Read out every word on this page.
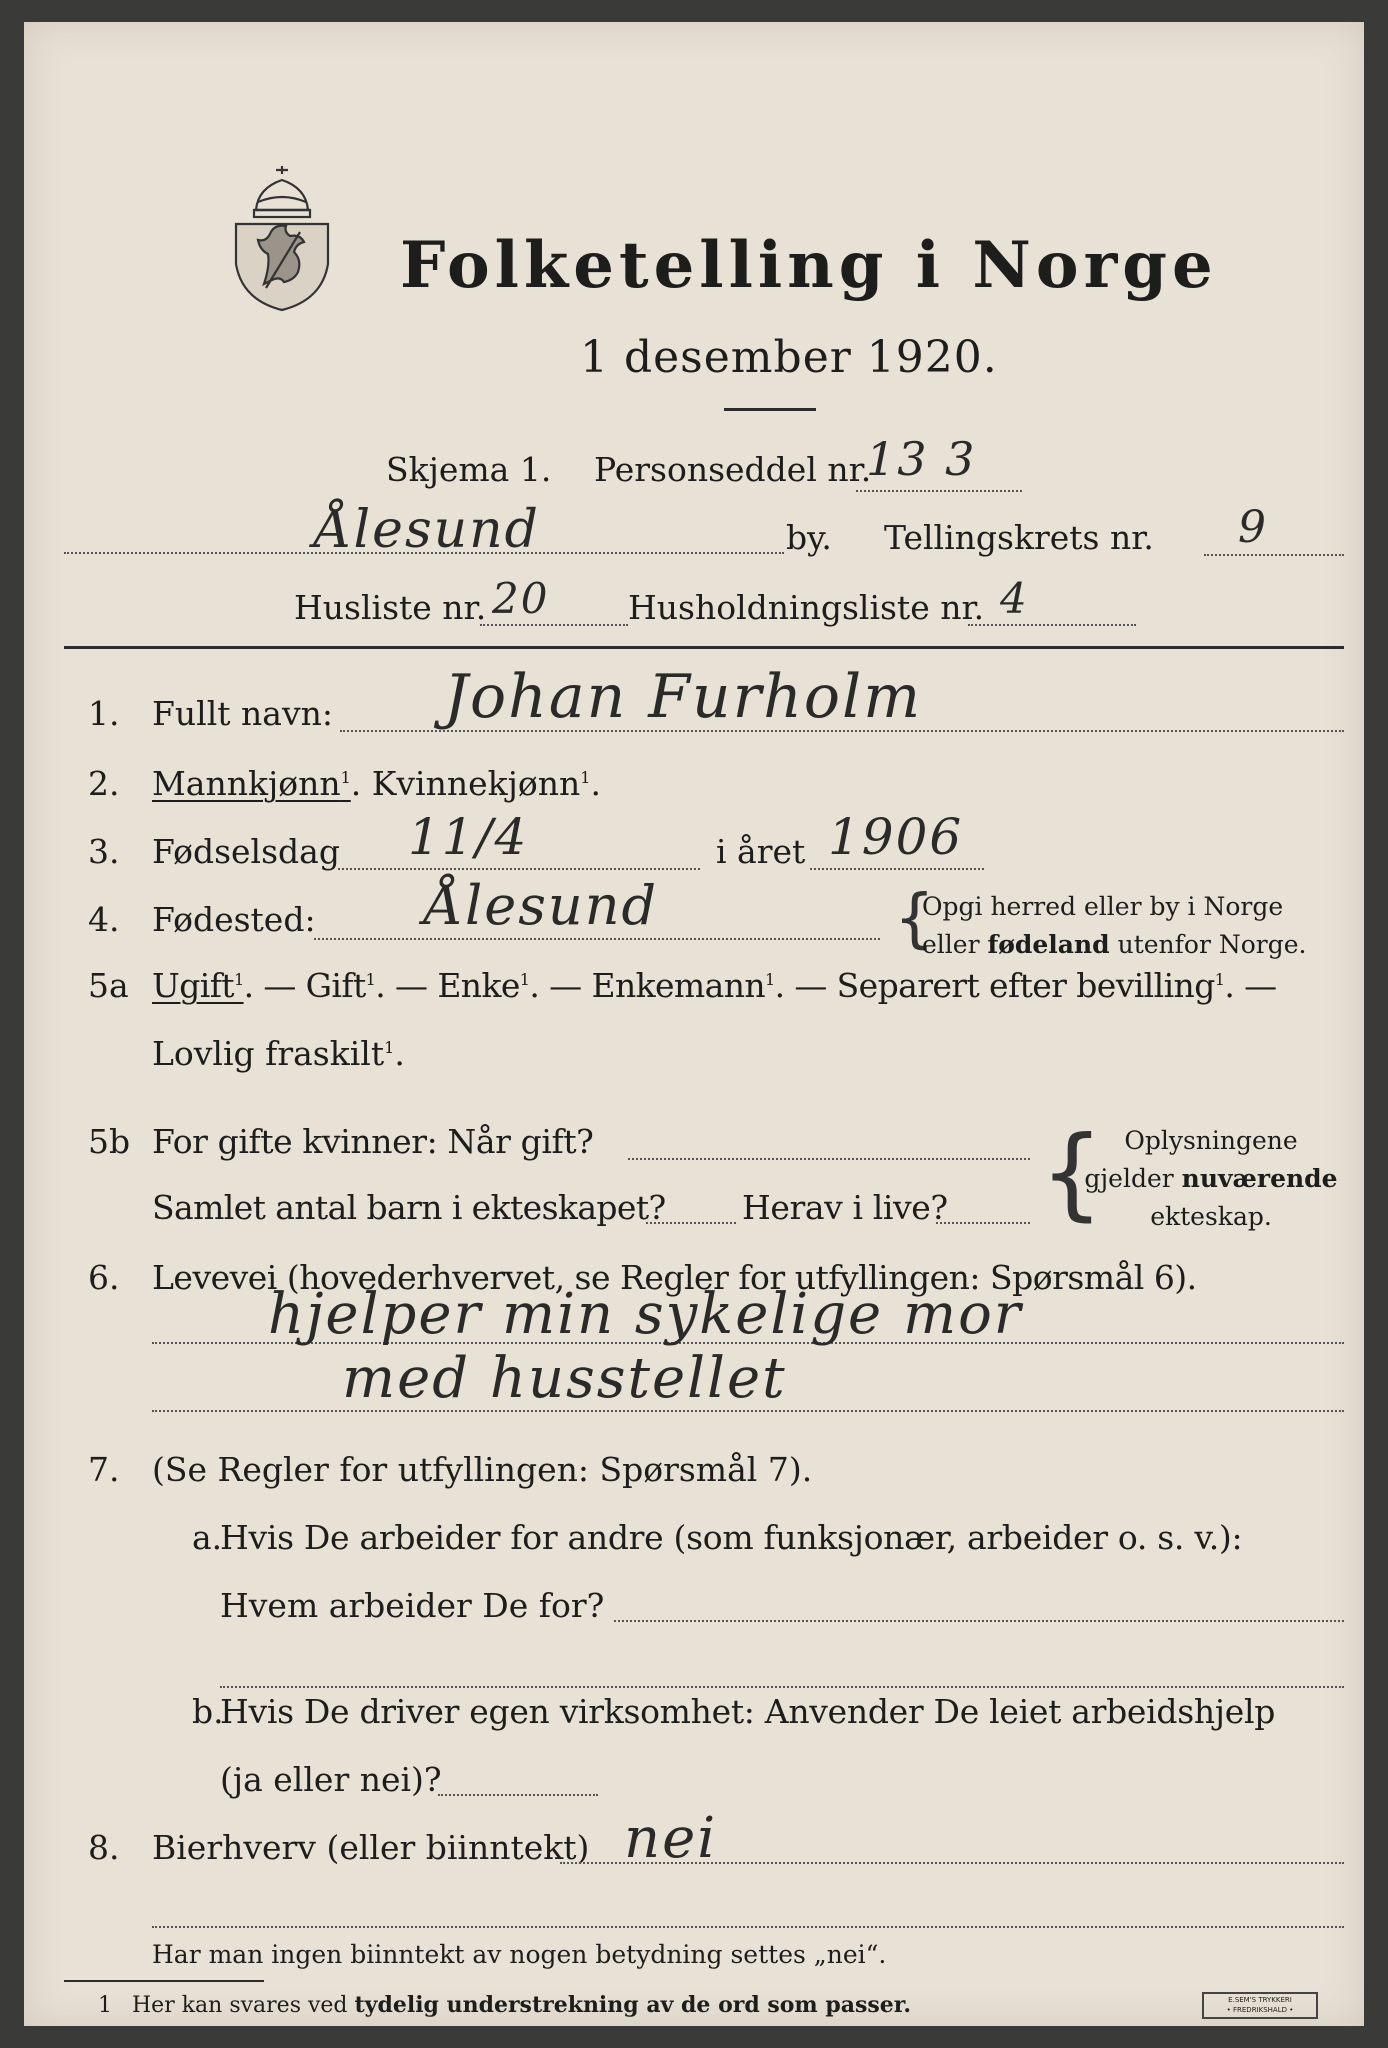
Folketelling i Norge
1 desember 1920.
Skjema 1. Personseddel nr.
13 3
Ålesund	by. Tellingskrets nr. 9
Husliste nr. 20 Husholdningsliste nr. 4
1. Fullt navn: Johan Furholm
2. Mannkjønn$^1$. Kvinnekjønn$^1$.
3. Fødselsdag 11/4	i året 1906
4. Fødested: Ålesund	{
Opgi herred eller by i Norge
eller fødeland utenfor Norge.
5a Ugift$^1$. — Gift$^1$. — Enke$^1$. — Enkemann$^1$. — Separert efter bevilling$^1$. —
Lovlig fraskilt$^1$.
5b For gifte kvinner: Når gift?
Samlet antal barn i ekteskapet? Herav i live? { Oplysningene
gjelder nuværende
ekteskap.
6. Levevei (hovederhvervet, se Regler for utfyllingen: Spørsmål 6).
hjelper min sykelige mor
med husstellet
7. (Se Regler for utfyllingen: Spørsmål 7).
a.
Hvis De arbeider for andre (som funksjonær, arbeider o. s. v.):
Hvem arbeider De for?
b.
Hvis De driver egen virksomhet: Anvender De leiet arbeidshjelp
(ja eller nei)?
8. Bierhverv (eller biinntekt) nei
Har man ingen biinntekt av nogen betydning settes „nei“.
1 Her kan svares ved tydelig understrekning av de ord som passer.	E.SEM'S TRYKKERI
• FREDRIKSHALD •
